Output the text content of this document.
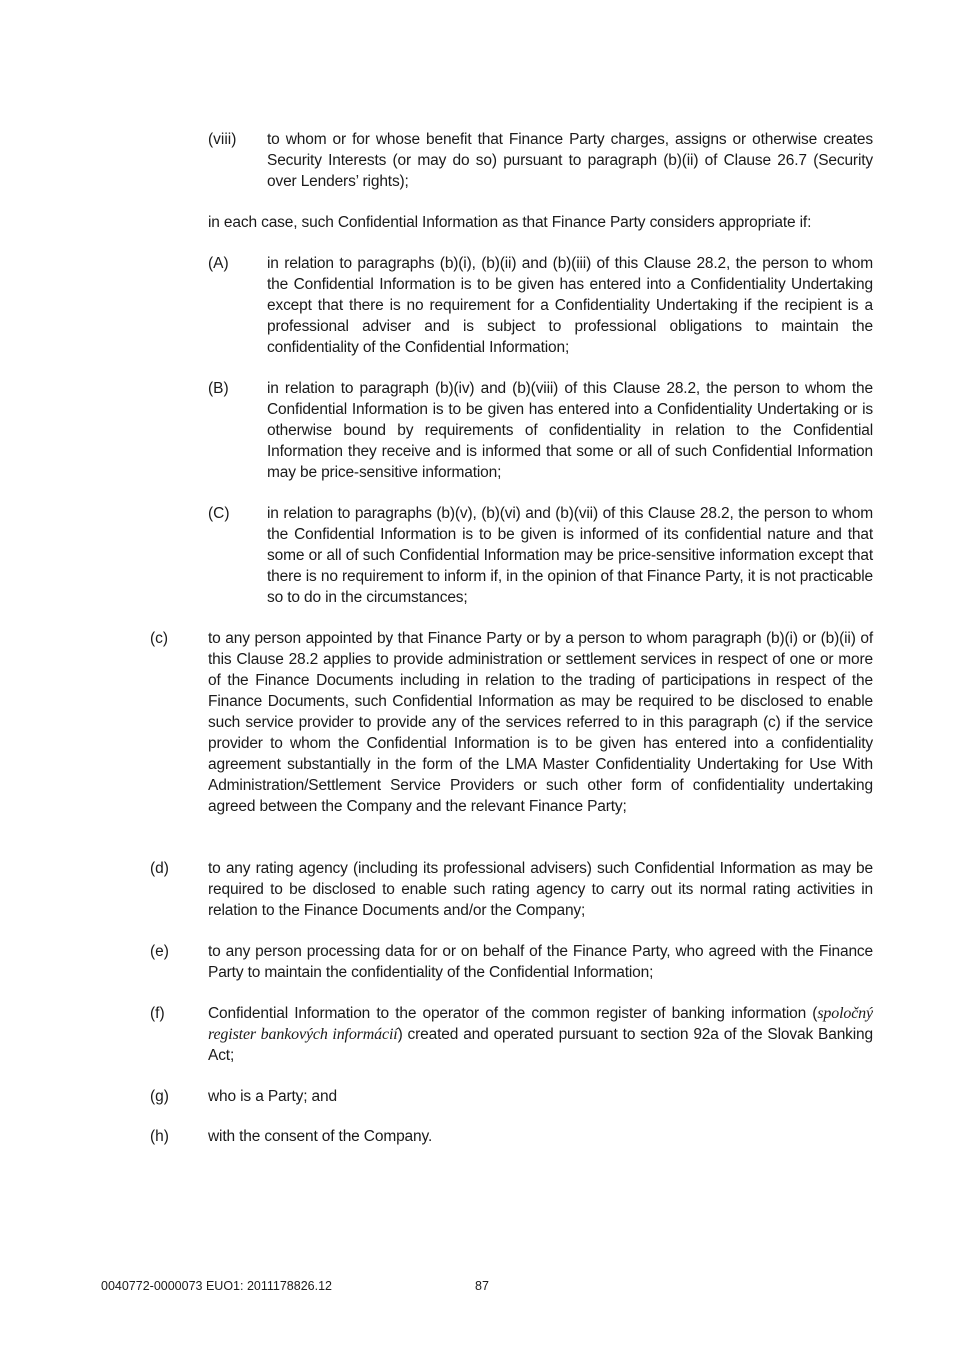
(viii)	to whom or for whose benefit that Finance Party charges, assigns or otherwise creates Security Interests (or may do so) pursuant to paragraph (b)(ii) of Clause 26.7 (Security over Lenders’ rights);

in each case, such Confidential Information as that Finance Party considers appropriate if:

(A)	in relation to paragraphs (b)(i), (b)(ii) and (b)(iii) of this Clause 28.2, the person to whom the Confidential Information is to be given has entered into a Confidentiality Undertaking except that there is no requirement for a Confidentiality Undertaking if the recipient is a professional adviser and is subject to professional obligations to maintain the confidentiality of the Confidential Information;

(B)	in relation to paragraph (b)(iv) and (b)(viii) of this Clause 28.2, the person to whom the Confidential Information is to be given has entered into a Confidentiality Undertaking or is otherwise bound by requirements of confidentiality in relation to the Confidential Information they receive and is informed that some or all of such Confidential Information may be price-sensitive information;

(C)	in relation to paragraphs (b)(v), (b)(vi) and (b)(vii) of this Clause 28.2, the person to whom the Confidential Information is to be given is informed of its confidential nature and that some or all of such Confidential Information may be price-sensitive information except that there is no requirement to inform if, in the opinion of that Finance Party, it is not practicable so to do in the circumstances;

(c)	to any person appointed by that Finance Party or by a person to whom paragraph (b)(i) or (b)(ii) of this Clause 28.2 applies to provide administration or settlement services in respect of one or more of the Finance Documents including in relation to the trading of participations in respect of the Finance Documents, such Confidential Information as may be required to be disclosed to enable such service provider to provide any of the services referred to in this paragraph (c) if the service provider to whom the Confidential Information is to be given has entered into a confidentiality agreement substantially in the form of the LMA Master Confidentiality Undertaking for Use With Administration/Settlement Service Providers or such other form of confidentiality undertaking agreed between the Company and the relevant Finance Party;

(d)	to any rating agency (including its professional advisers) such Confidential Information as may be required to be disclosed to enable such rating agency to carry out its normal rating activities in relation to the Finance Documents and/or the Company;

(e)	to any person processing data for or on behalf of the Finance Party, who agreed with the Finance Party to maintain the confidentiality of the Confidential Information;

(f)	Confidential Information to the operator of the common register of banking information (spoločný register bankových informácií) created and operated pursuant to section 92a of the Slovak Banking Act;

(g)	who is a Party; and

(h)	with the consent of the Company.

0040772-0000073 EUO1: 2011178826.12	87
